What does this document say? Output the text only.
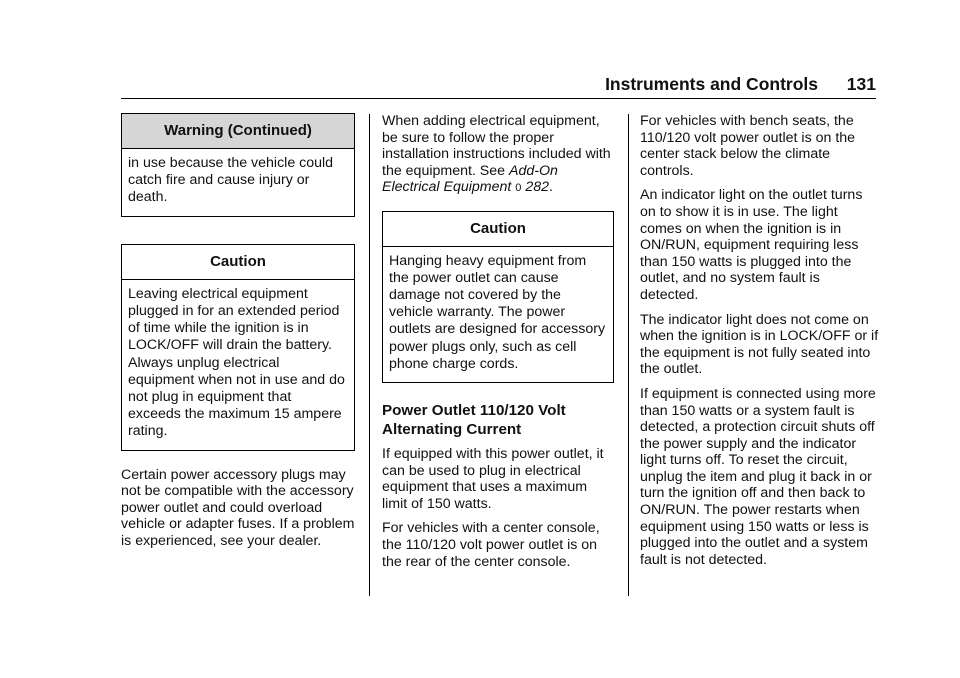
Instruments and Controls 131
Warning (Continued)
in use because the vehicle could catch fire and cause injury or death.
Caution

Leaving electrical equipment plugged in for an extended period of time while the ignition is in LOCK/OFF will drain the battery.

Always unplug electrical equipment when not in use and do not plug in equipment that exceeds the maximum 15 ampere rating.

Certain power accessory plugs may not be compatible with the accessory power outlet and could overload vehicle or adapter fuses. If a problem is experienced, see your dealer.

When adding electrical equipment, be sure to follow the proper installation instructions included with the equipment. See Add-On Electrical Equipment 0 282.

Caution
Hanging heavy equipment from the power outlet can cause damage not covered by the vehicle warranty. The power outlets are designed for accessory power plugs only, such as cell phone charge cords.
Power Outlet 110/120 Volt Alternating Current

If equipped with this power outlet, it can be used to plug in electrical equipment that uses a maximum limit of 150 watts.

For vehicles with a center console, the 110/120 volt power outlet is on the rear of the center console.

For vehicles with bench seats, the 110/120 volt power outlet is on the center stack below the climate controls.

An indicator light on the outlet turns on to show it is in use. The light comes on when the ignition is in ON/RUN, equipment requiring less than 150 watts is plugged into the outlet, and no system fault is detected.

The indicator light does not come on when the ignition is in LOCK/OFF or if the equipment is not fully seated into the outlet.

If equipment is connected using more than 150 watts or a system fault is detected, a protection circuit shuts off the power supply and the indicator light turns off. To reset the circuit, unplug the item and plug it back in or turn the ignition off and then back to ON/RUN. The power restarts when equipment using 150 watts or less is plugged into the outlet and a system fault is not detected.
